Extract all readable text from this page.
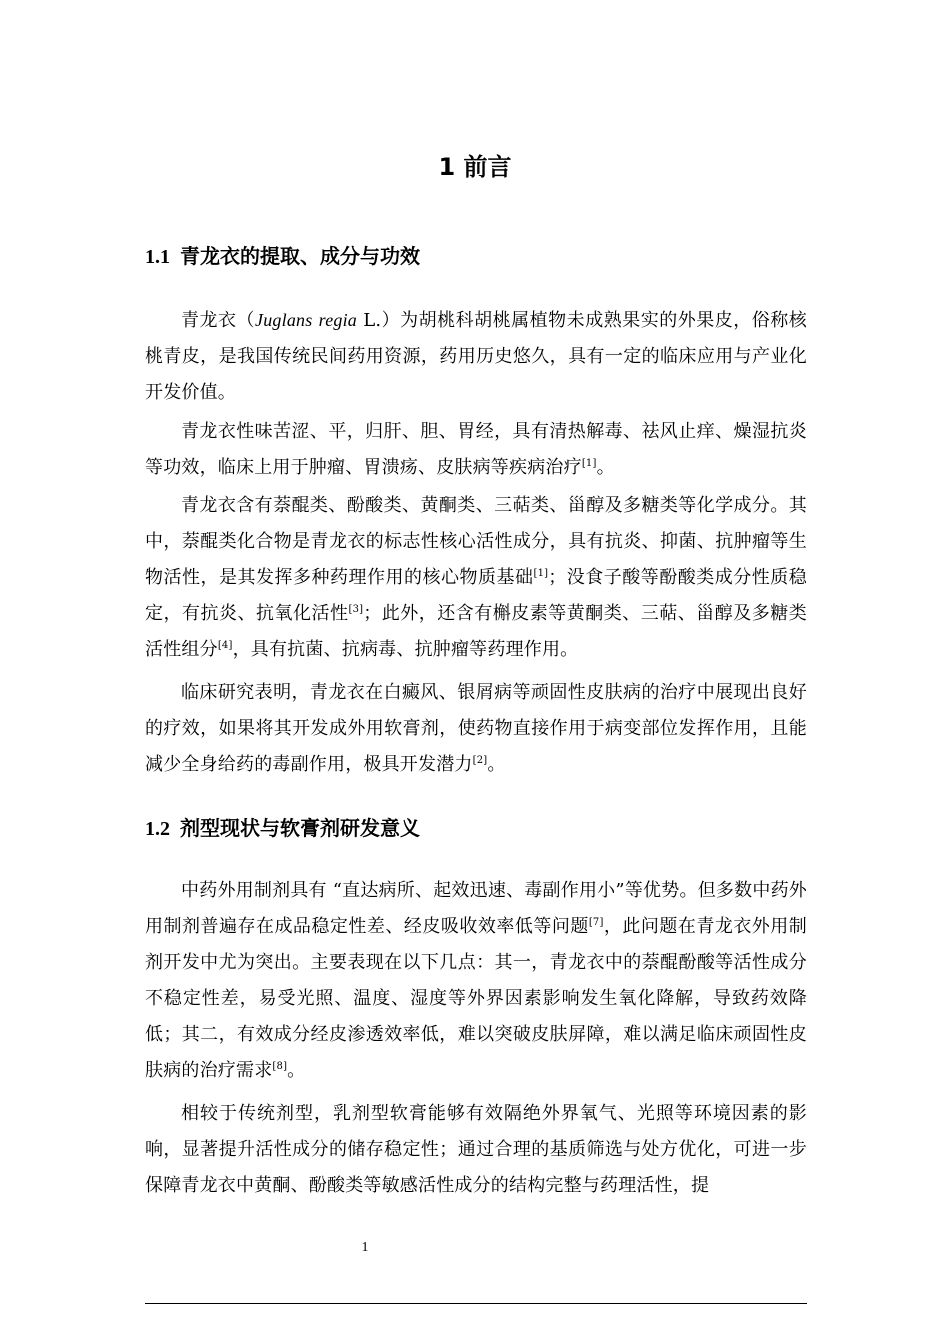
1 前言
1.1 青龙衣的提取、成分与功效

青龙衣（Juglans regia L.）为胡桃科胡桃属植物未成熟果实的外果皮，俗称核桃青皮，是我国传统民间药用资源，药用历史悠久，具有一定的临床应用与产业化开发价值。

青龙衣性味苦涩、平，归肝、胆、胃经，具有清热解毒、祛风止痒、燥湿抗炎等功效，临床上用于肿瘤、胃溃疡、皮肤病等疾病治疗[1]。

青龙衣含有萘醌类、酚酸类、黄酮类、三萜类、甾醇及多糖类等化学成分。其中，萘醌类化合物是青龙衣的标志性核心活性成分，具有抗炎、抑菌、抗肿瘤等生物活性，是其发挥多种药理作用的核心物质基础[1]；没食子酸等酚酸类成分性质稳定，有抗炎、抗氧化活性[3]；此外，还含有槲皮素等黄酮类、三萜、甾醇及多糖类活性组分[4]，具有抗菌、抗病毒、抗肿瘤等药理作用。

临床研究表明，青龙衣在白癜风、银屑病等顽固性皮肤病的治疗中展现出良好的疗效，如果将其开发成外用软膏剂，使药物直接作用于病变部位发挥作用，且能减少全身给药的毒副作用，极具开发潜力[2]。

1.2 剂型现状与软膏剂研发意义

中药外用制剂具有 “直达病所、起效迅速、毒副作用小”等优势。但多数中药外用制剂普遍存在成品稳定性差、经皮吸收效率低等问题[7]，此问题在青龙衣外用制剂开发中尤为突出。主要表现在以下几点：其一，青龙衣中的萘醌酚酸等活性成分不稳定性差，易受光照、温度、湿度等外界因素影响发生氧化降解，导致药效降低；其二，有效成分经皮渗透效率低，难以突破皮肤屏障，难以满足临床顽固性皮肤病的治疗需求[8]。

相较于传统剂型，乳剂型软膏能够有效隔绝外界氧气、光照等环境因素的影响，显著提升活性成分的储存稳定性；通过合理的基质筛选与处方优化，可进一步保障青龙衣中黄酮、酚酸类等敏感活性成分的结构完整与药理活性，提

1
